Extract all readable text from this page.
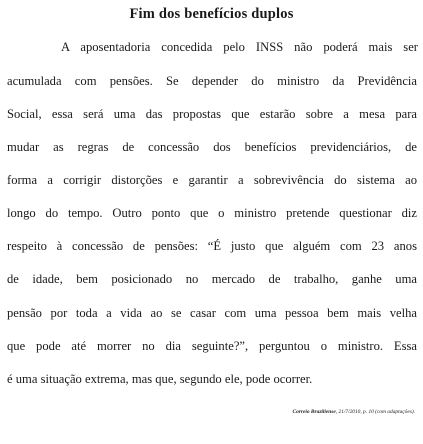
Fim dos benefícios duplos
A aposentadoria concedida pelo INSS não poderá mais ser
acumulada com pensões. Se depender do ministro da Previdência
Social, essa será uma das propostas que estarão sobre a mesa para
mudar as regras de concessão dos benefícios previdenciários, de
forma a corrigir distorções e garantir a sobrevivência do sistema ao
longo do tempo. Outro ponto que o ministro pretende questionar diz
respeito à concessão de pensões: “É justo que alguém com 23 anos
de idade, bem posicionado no mercado de trabalho, ganhe uma
pensão por toda a vida ao se casar com uma pessoa bem mais velha
que pode até morrer no dia seguinte?”, perguntou o ministro. Essa
é uma situação extrema, mas que, segundo ele, pode ocorrer.
Correio Braziliense, 21/7/2010, p. 10 (com adaptações).
